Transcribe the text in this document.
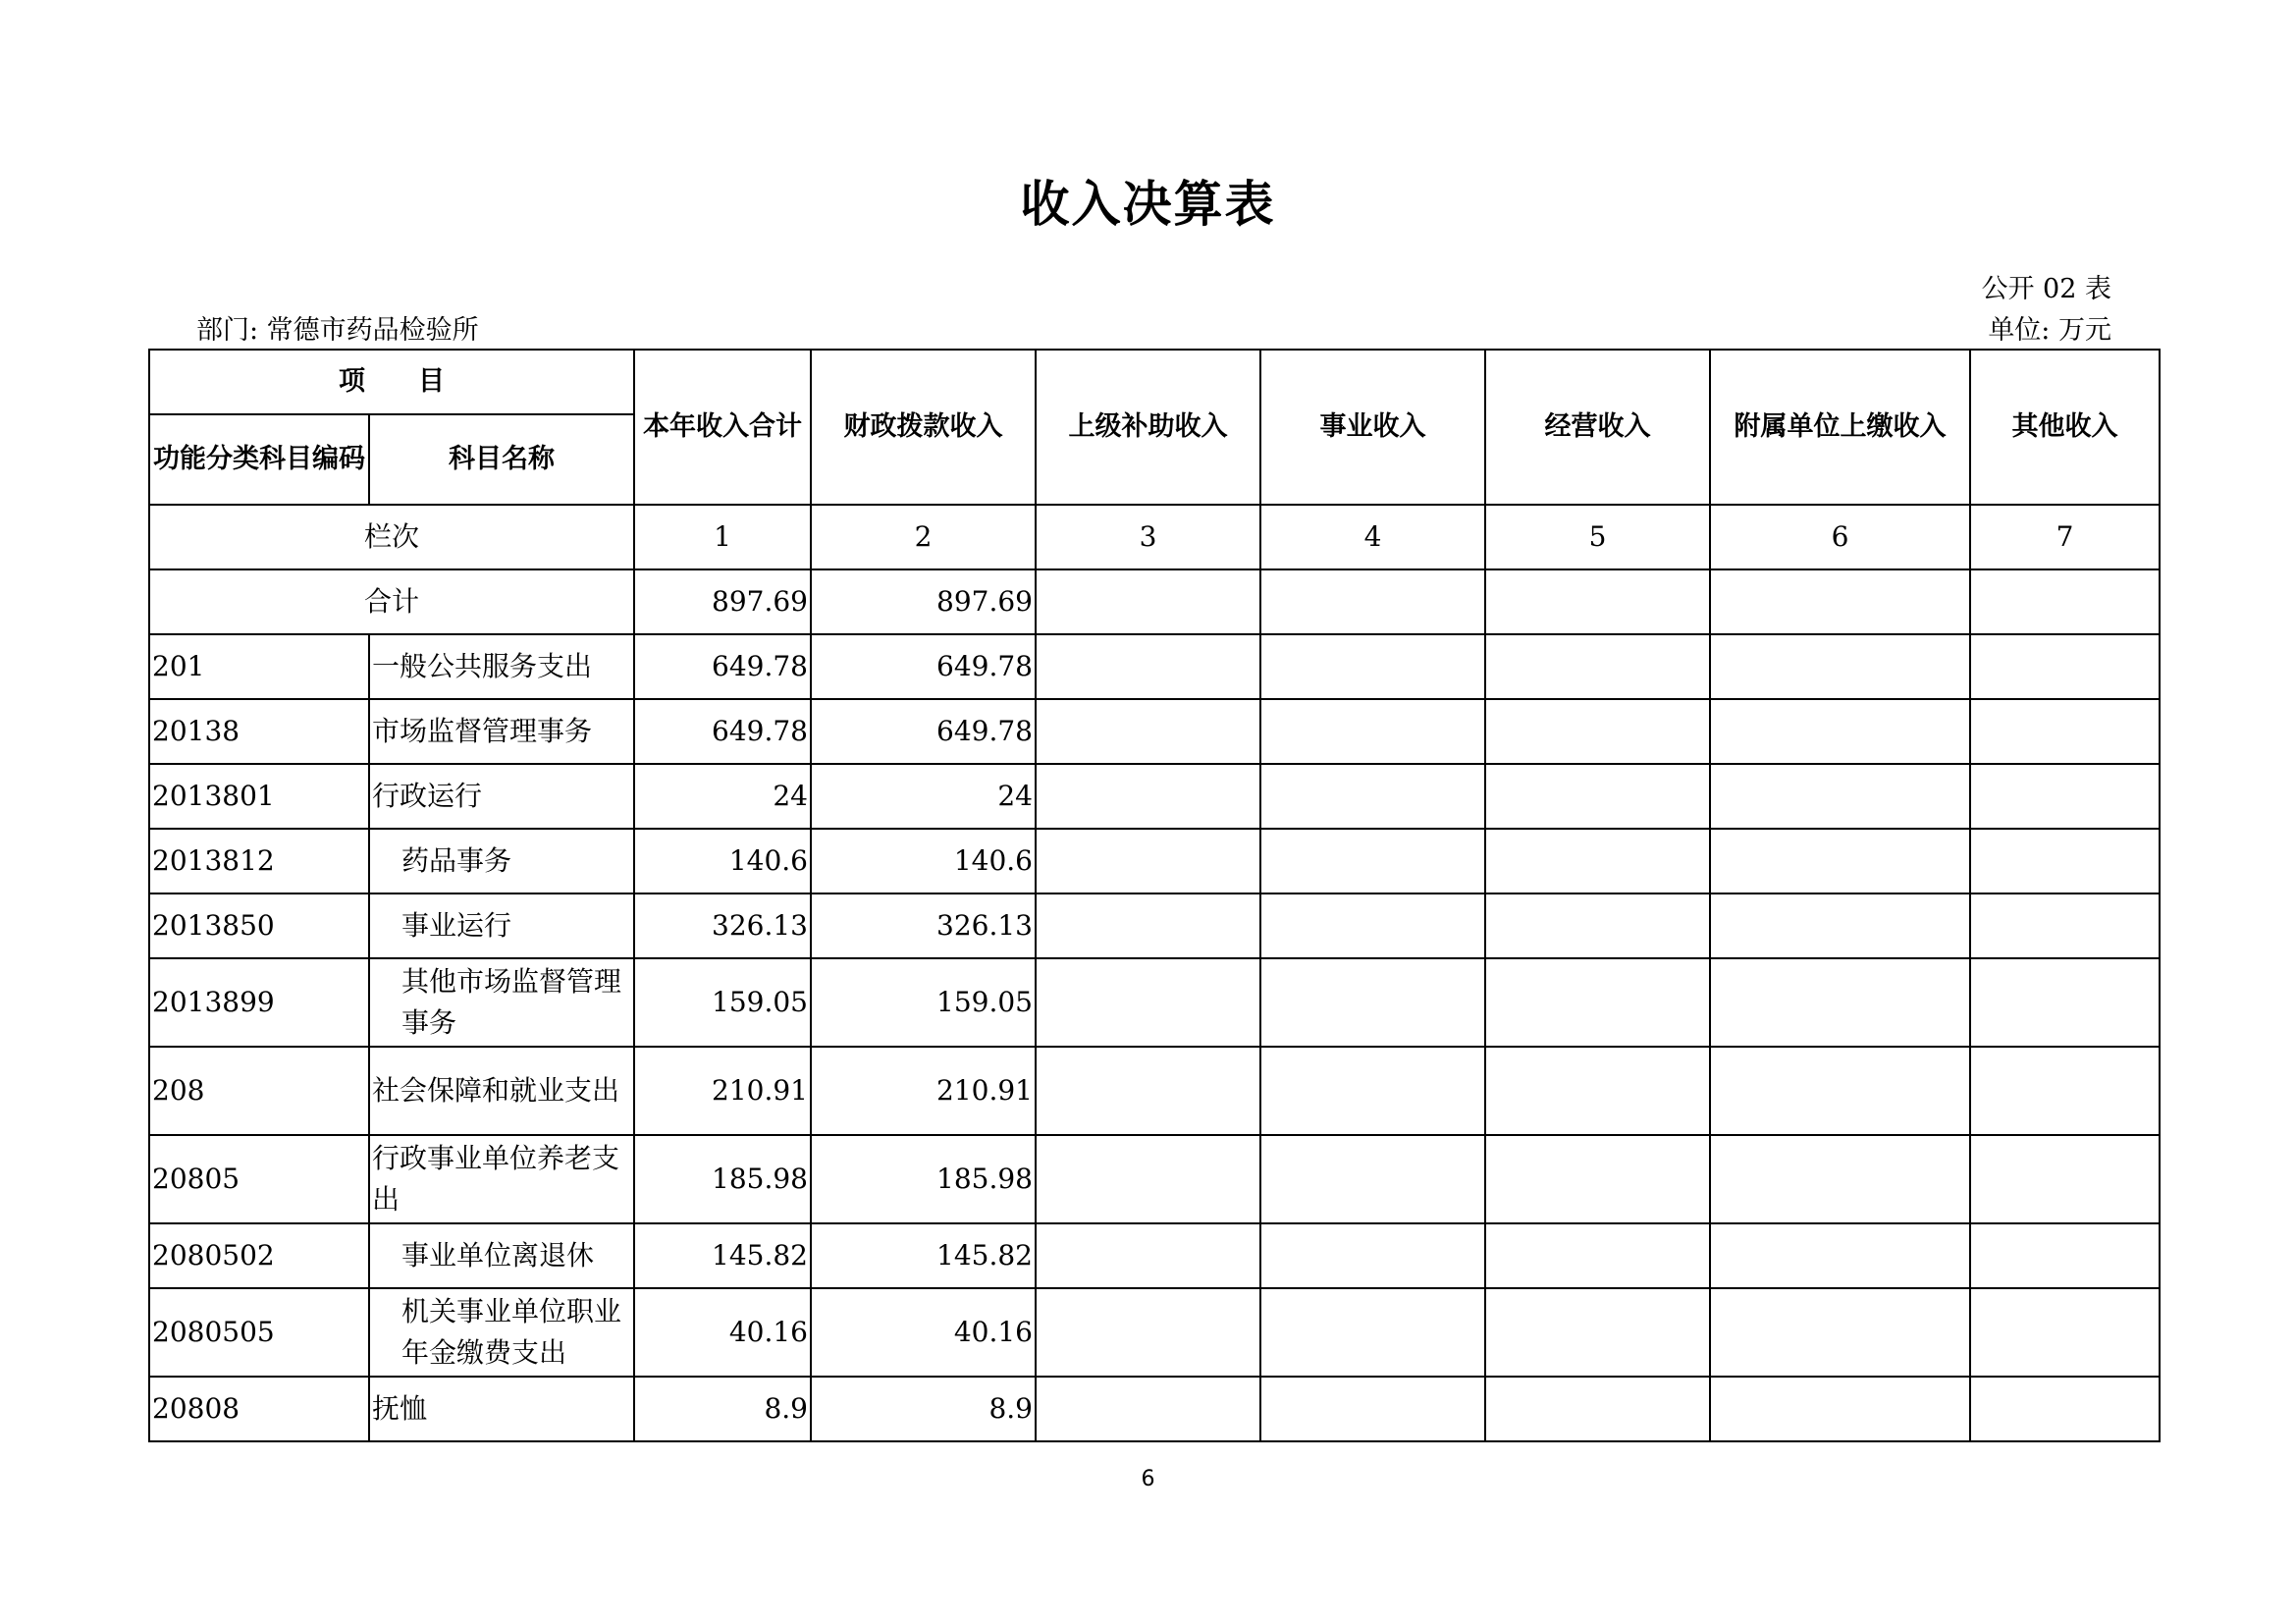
收入决算表
公开 02 表
部门: 常德市药品检验所	单位: 万元
项　　目		本年收入合计	财政拨款收入	上级补助收入	事业收入	经营收入	附属单位上缴收入	其他收入
功能分类科目编码	科目名称							
栏次		1	2	3	4	5	6	7
合计		897.69	897.69					
201	一般公共服务支出	649.78	649.78					
20138	市场监督管理事务	649.78	649.78					
2013801	行政运行	24	24					
2013812	药品事务	140.6	140.6					
2013850	事业运行	326.13	326.13					
2013899	其他市场监督管理事务	159.05	159.05					
208	社会保障和就业支出	210.91	210.91					
20805	行政事业单位养老支出	185.98	185.98					
2080502	事业单位离退休	145.82	145.82					
2080505	机关事业单位职业年金缴费支出	40.16	40.16					
20808	抚恤	8.9	8.9					
6
